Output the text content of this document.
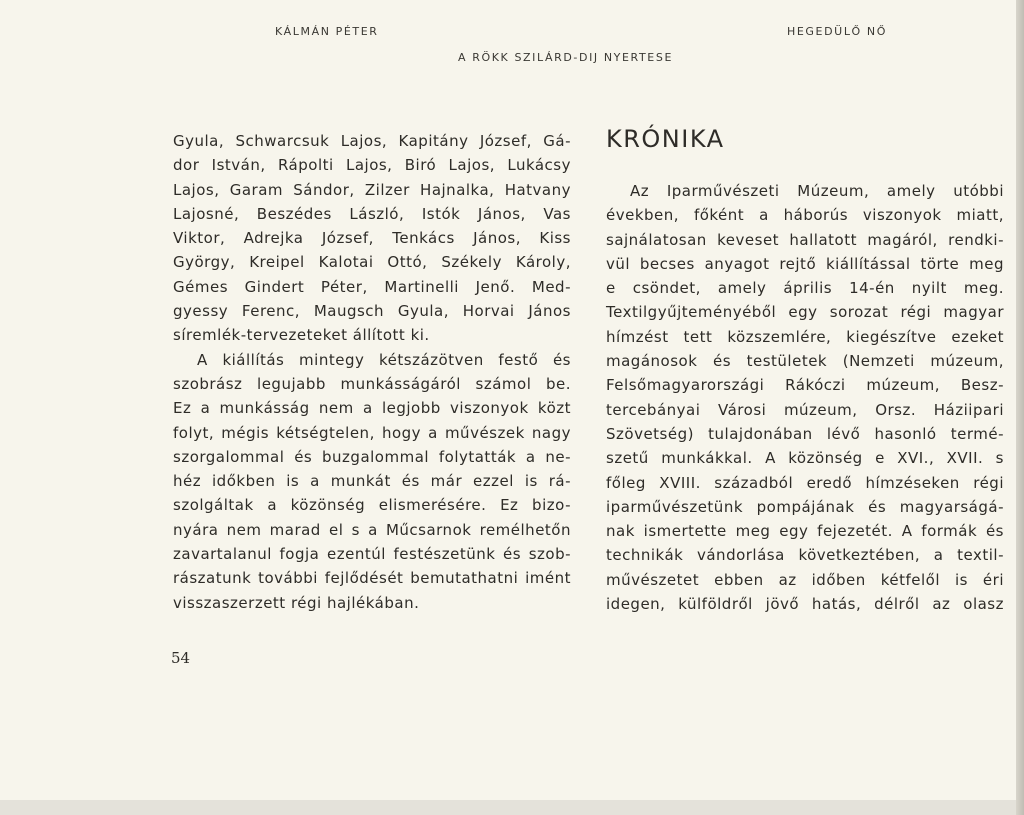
KÁLMÁN PÉTER	HEGEDÜLŐ NŐ
A RÖKK SZILÁRD-DIJ NYERTESE
Gyula, Schwarcsuk Lajos, Kapitány József, Gá-
dor István, Rápolti Lajos, Biró Lajos, Lukácsy
Lajos, Garam Sándor, Zilzer Hajnalka, Hatvany
Lajosné, Beszédes László, Istók János, Vas
Viktor, Adrejka József, Tenkács János, Kiss
György, Kreipel Kalotai Ottó, Székely Károly,
Gémes Gindert Péter, Martinelli Jenő. Med-
gyessy Ferenc, Maugsch Gyula, Horvai János
síremlék-tervezeteket állított ki.
A kiállítás mintegy kétszázötven festő és
szobrász legujabb munkásságáról számol be.
Ez a munkásság nem a legjobb viszonyok közt
folyt, mégis kétségtelen, hogy a művészek nagy
szorgalommal és buzgalommal folytatták a ne-
héz időkben is a munkát és már ezzel is rá-
szolgáltak a közönség elismerésére. Ez bizo-
nyára nem marad el s a Műcsarnok remélhetőn
zavartalanul fogja ezentúl festészetünk és szob-
rászatunk további fejlődését bemutathatni imént
visszaszerzett régi hajlékában.
KRÓNIKA
Az Iparművészeti Múzeum, amely utóbbi
években, főként a háborús viszonyok miatt,
sajnálatosan keveset hallatott magáról, rendki-
vül becses anyagot rejtő kiállítással törte meg
e csöndet, amely április 14-én nyilt meg.
Textilgyűjteményéből egy sorozat régi magyar
hímzést tett közszemlére, kiegészítve ezeket
magánosok és testületek (Nemzeti múzeum,
Felsőmagyarországi Rákóczi múzeum, Besz-
tercebányai Városi múzeum, Orsz. Háziipari
Szövetség) tulajdonában lévő hasonló termé-
szetű munkákkal. A közönség e XVI., XVII. s
főleg XVIII. századból eredő hímzéseken régi
iparművészetünk pompájának és magyarságá-
nak ismertette meg egy fejezetét. A formák és
technikák vándorlása következtében, a textil-
művészetet ebben az időben kétfelől is éri
idegen, külföldről jövő hatás, délről az olasz
54
